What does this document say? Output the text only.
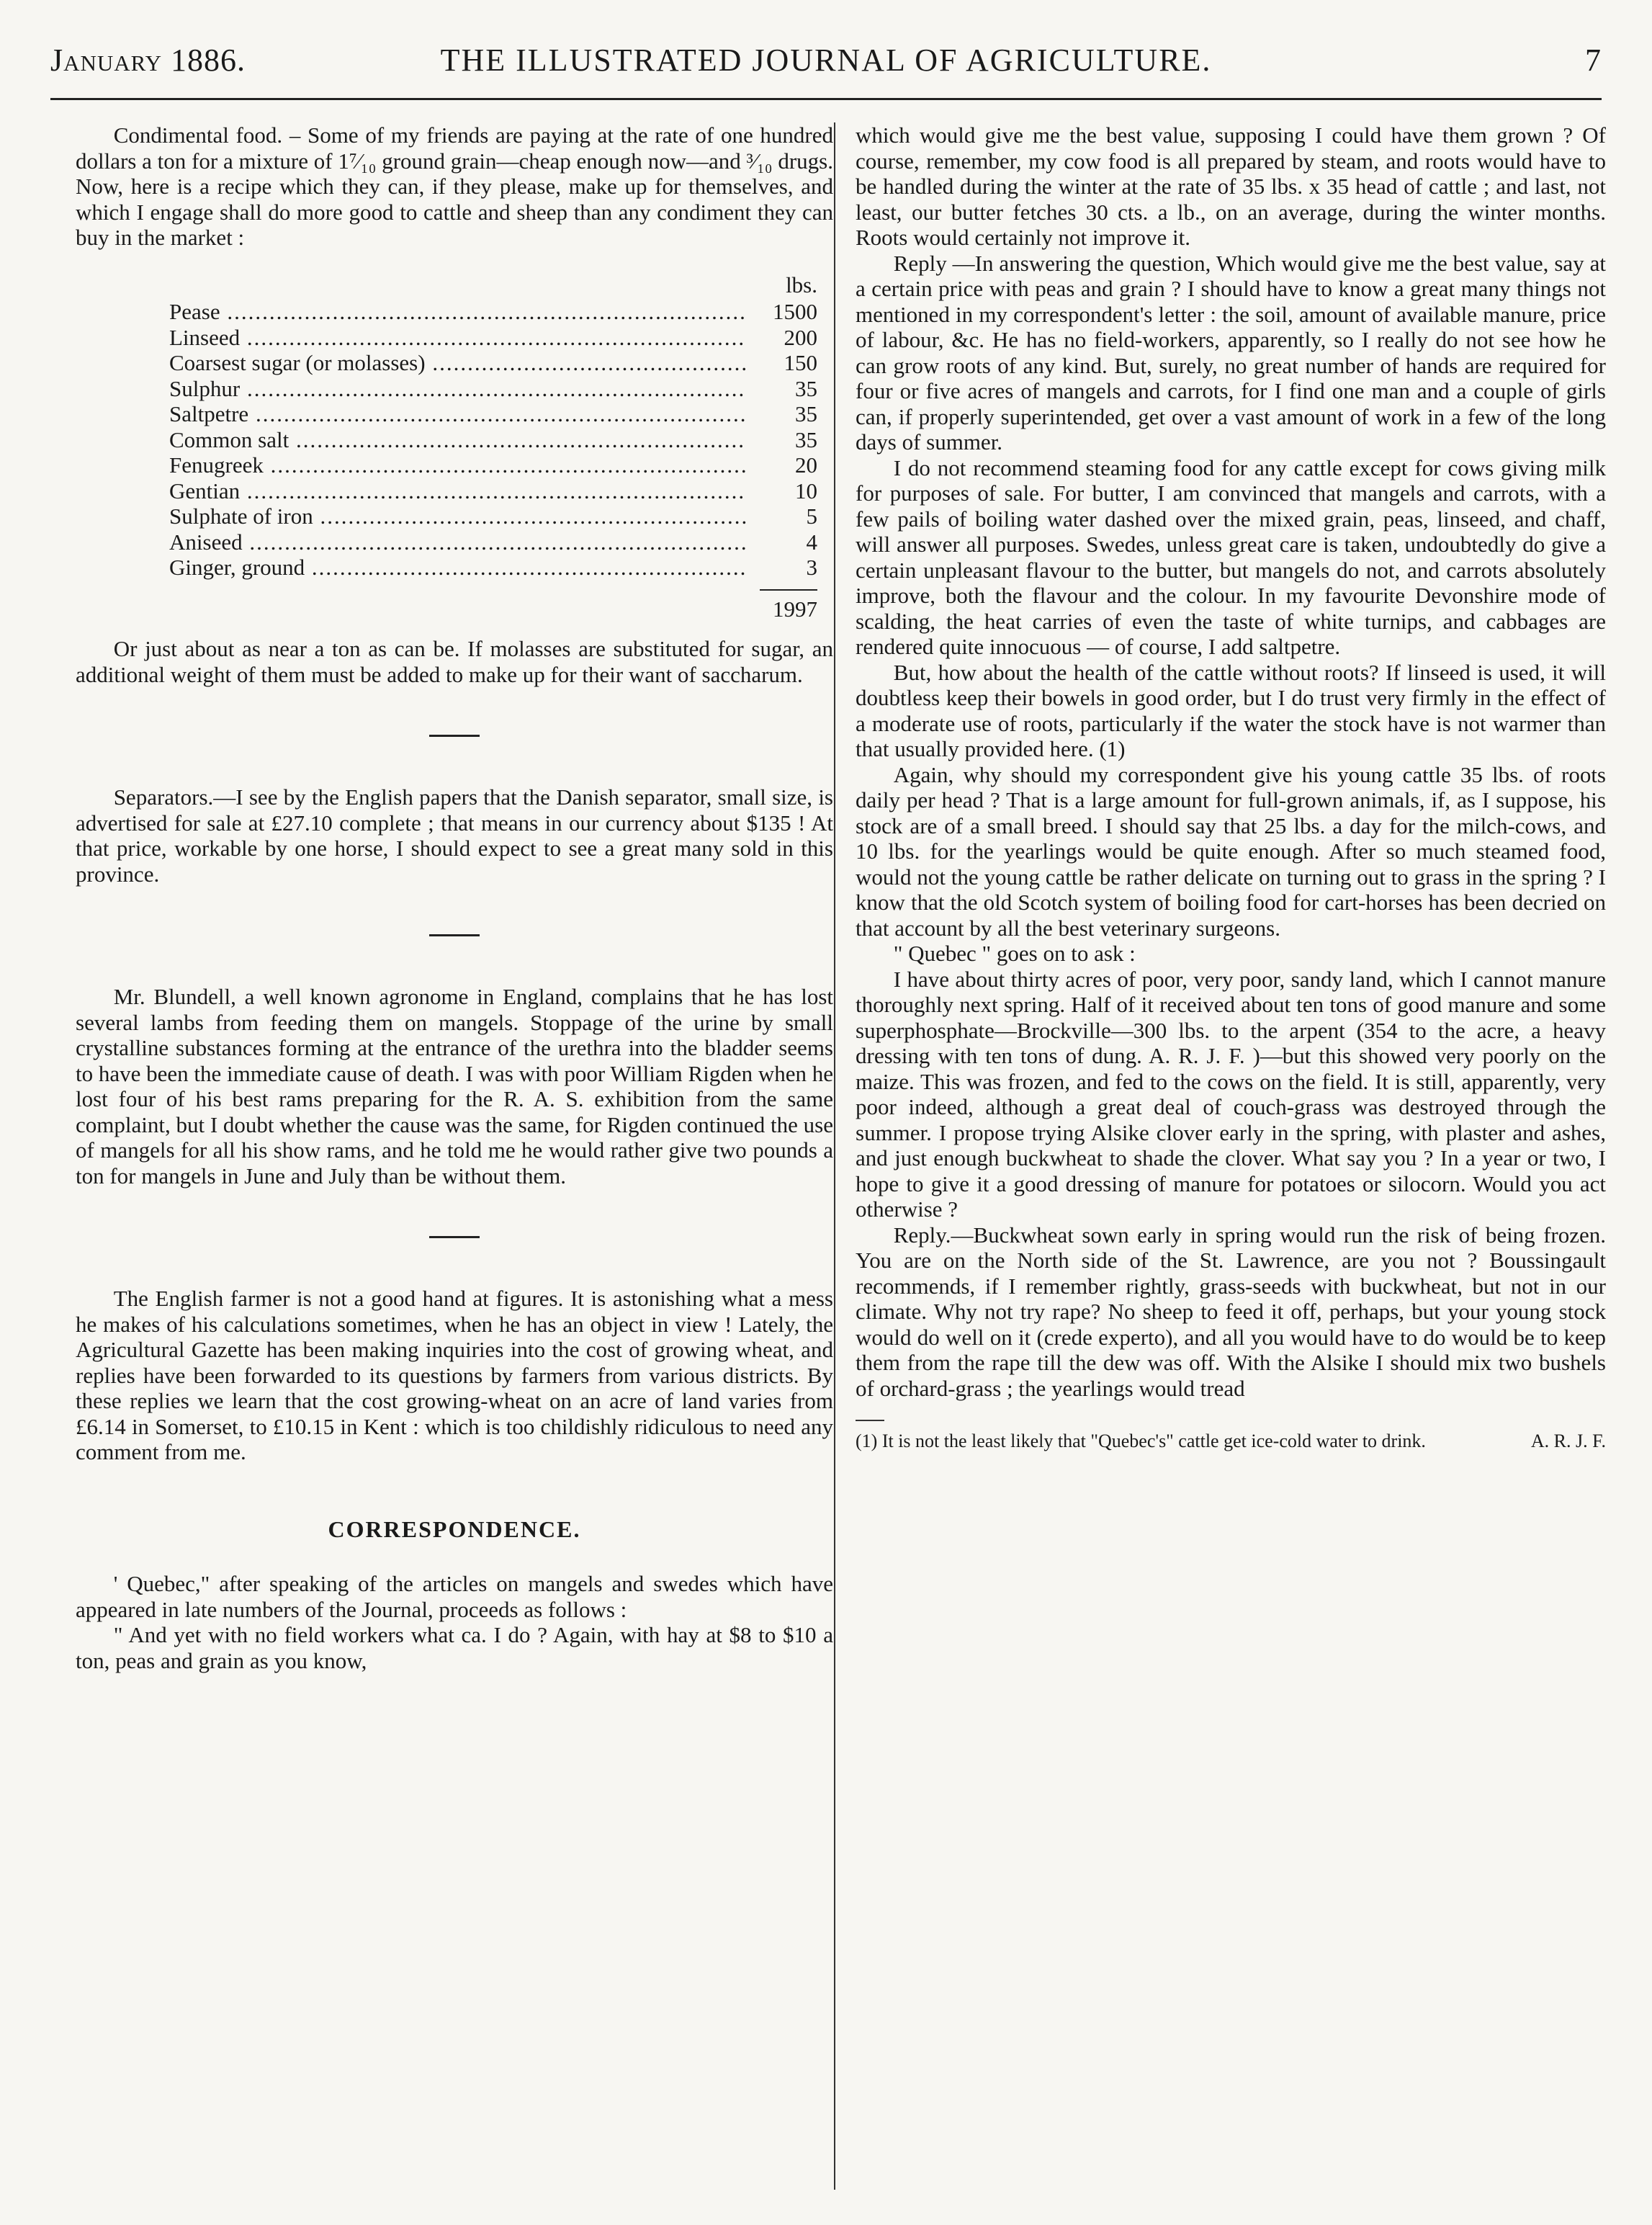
January 1886.	THE ILLUSTRATED JOURNAL OF AGRICULTURE.	7

Condimental food. – Some of my friends are paying at the rate of one hundred dollars a ton for a mixture of 1⁷⁄₁₀ ground grain—cheap enough now—and ³⁄₁₀ drugs. Now, here is a recipe which they can, if they please, make up for themselves, and which I engage shall do more good to cattle and sheep than any condiment they can buy in the market :

lbs.
Pease .....	1500
Linseed .....	200
Coarsest sugar (or molasses) .....	150
Sulphur .....	35
Saltpetre .....	35
Common salt .....	35
Fenugreek .....	20
Gentian .....	10
Sulphate of iron .....	5
Aniseed .....	4
Ginger, ground .....	3
1997

Or just about as near a ton as can be. If molasses are substituted for sugar, an additional weight of them must be added to make up for their want of saccharum.

Separators.—I see by the English papers that the Danish separator, small size, is advertised for sale at £27.10 complete ; that means in our currency about $135 ! At that price, workable by one horse, I should expect to see a great many sold in this province.

Mr. Blundell, a well known agronome in England, complains that he has lost several lambs from feeding them on mangels. Stoppage of the urine by small crystalline substances forming at the entrance of the urethra into the bladder seems to have been the immediate cause of death. I was with poor William Rigden when he lost four of his best rams preparing for the R. A. S. exhibition from the same complaint, but I doubt whether the cause was the same, for Rigden continued the use of mangels for all his show rams, and he told me he would rather give two pounds a ton for mangels in June and July than be without them.

The English farmer is not a good hand at figures. It is astonishing what a mess he makes of his calculations sometimes, when he has an object in view ! Lately, the Agricultural Gazette has been making inquiries into the cost of growing wheat, and replies have been forwarded to its questions by farmers from various districts. By these replies we learn that the cost growing-wheat on an acre of land varies from £6.14 in Somerset, to £10.15 in Kent : which is too childishly ridiculous to need any comment from me.

CORRESPONDENCE.

' Quebec," after speaking of the articles on mangels and swedes which have appeared in late numbers of the Journal, proceeds as follows :

" And yet with no field workers what ca. I do ? Again, with hay at $8 to $10 a ton, peas and grain as you know,

which would give me the best value, supposing I could have them grown ? Of course, remember, my cow food is all prepared by steam, and roots would have to be handled during the winter at the rate of 35 lbs. x 35 head of cattle ; and last, not least, our butter fetches 30 cts. a lb., on an average, during the winter months. Roots would certainly not improve it.

Reply —In answering the question, Which would give me the best value, say at a certain price with peas and grain ? I should have to know a great many things not mentioned in my correspondent's letter : the soil, amount of available manure, price of labour, &c. He has no field-workers, apparently, so I really do not see how he can grow roots of any kind. But, surely, no great number of hands are required for four or five acres of mangels and carrots, for I find one man and a couple of girls can, if properly superintended, get over a vast amount of work in a few of the long days of summer.

I do not recommend steaming food for any cattle except for cows giving milk for purposes of sale. For butter, I am convinced that mangels and carrots, with a few pails of boiling water dashed over the mixed grain, peas, linseed, and chaff, will answer all purposes. Swedes, unless great care is taken, undoubtedly do give a certain unpleasant flavour to the butter, but mangels do not, and carrots absolutely improve, both the flavour and the colour. In my favourite Devonshire mode of scalding, the heat carries of even the taste of white turnips, and cabbages are rendered quite innocuous — of course, I add saltpetre.

But, how about the health of the cattle without roots? If linseed is used, it will doubtless keep their bowels in good order, but I do trust very firmly in the effect of a moderate use of roots, particularly if the water the stock have is not warmer than that usually provided here. (1)

Again, why should my correspondent give his young cattle 35 lbs. of roots daily per head ? That is a large amount for full-grown animals, if, as I suppose, his stock are of a small breed. I should say that 25 lbs. a day for the milch-cows, and 10 lbs. for the yearlings would be quite enough. After so much steamed food, would not the young cattle be rather delicate on turning out to grass in the spring ? I know that the old Scotch system of boiling food for cart-horses has been decried on that account by all the best veterinary surgeons.

" Quebec " goes on to ask :

I have about thirty acres of poor, very poor, sandy land, which I cannot manure thoroughly next spring. Half of it received about ten tons of good manure and some superphosphate—Brockville—300 lbs. to the arpent (354 to the acre, a heavy dressing with ten tons of dung. A. R. J. F. )—but this showed very poorly on the maize. This was frozen, and fed to the cows on the field. It is still, apparently, very poor indeed, although a great deal of couch-grass was destroyed through the summer. I propose trying Alsike clover early in the spring, with plaster and ashes, and just enough buckwheat to shade the clover. What say you ? In a year or two, I hope to give it a good dressing of manure for potatoes or silocorn. Would you act otherwise ?

Reply.—Buckwheat sown early in spring would run the risk of being frozen. You are on the North side of the St. Lawrence, are you not ? Boussingault recommends, if I remember rightly, grass-seeds with buckwheat, but not in our climate. Why not try rape? No sheep to feed it off, perhaps, but your young stock would do well on it (crede experto), and all you would have to do would be to keep them from the rape till the dew was off. With the Alsike I should mix two bushels of orchard-grass ; the yearlings would tread

(1) It is not the least likely that "Quebec's" cattle get ice-cold water to drink.	A. R. J. F.
